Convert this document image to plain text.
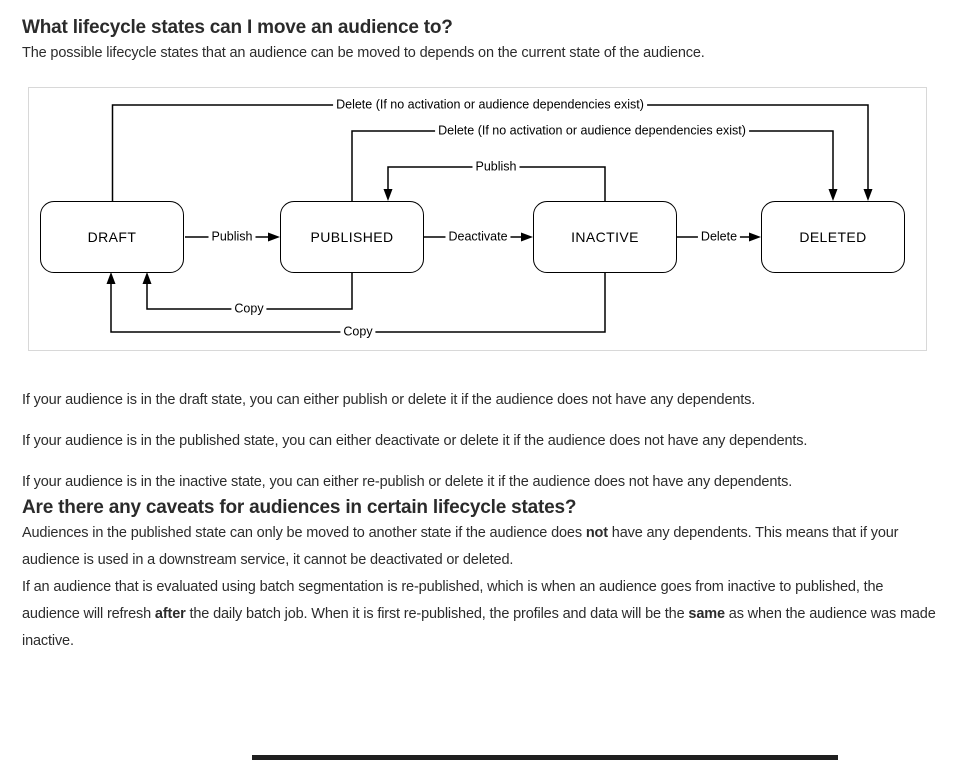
What lifecycle states can I move an audience to?

The possible lifecycle states that an audience can be moved to depends on the current state of the audience.

DRAFT	PUBLISHED	INACTIVE	DELETED
Delete (If no activation or audience dependencies exist)
Delete (If no activation or audience dependencies exist)
Publish
Publish	Deactivate	Delete
Copy
Copy

If your audience is in the draft state, you can either publish or delete it if the audience does not have any dependents.

If your audience is in the published state, you can either deactivate or delete it if the audience does not have any dependents.

If your audience is in the inactive state, you can either re-publish or delete it if the audience does not have any dependents.

Are there any caveats for audiences in certain lifecycle states?

Audiences in the published state can only be moved to another state if the audience does not have any dependents. This means that if your audience is used in a downstream service, it cannot be deactivated or deleted.

If an audience that is evaluated using batch segmentation is re-published, which is when an audience goes from inactive to published, the audience will refresh after the daily batch job. When it is first re-published, the profiles and data will be the same as when the audience was made inactive.
